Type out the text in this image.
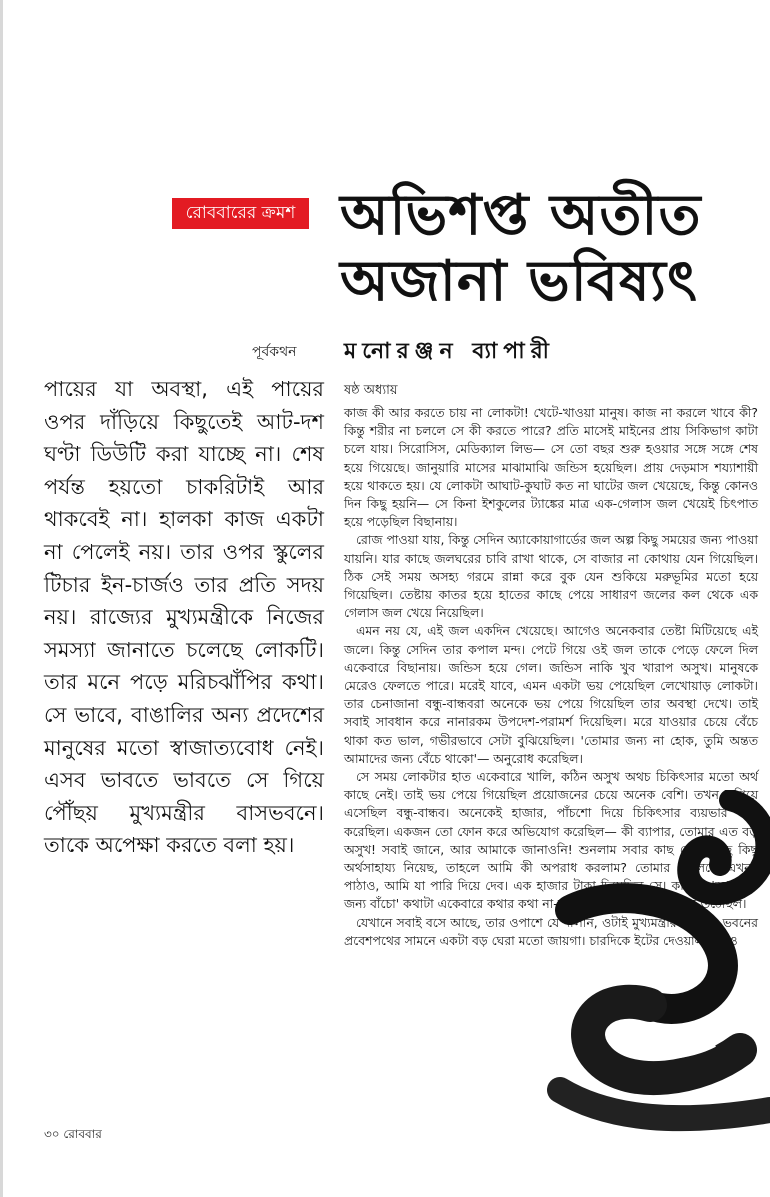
রোববারের ক্রমশ অভিশপ্ত অতীত
অজানা ভবিষ্যৎ
পূর্বকথন মনোরঞ্জন ব্যাপারী
পায়ের যা অবস্থা, এই পায়ের ওপর দাঁড়িয়ে কিছুতেই আট-দশ ঘণ্টা ডিউটি করা যাচ্ছে না। শেষ পর্যন্ত হয়তো চাকরিটাই আর থাকবেই না। হালকা কাজ একটা না পেলেই নয়। তার ওপর স্কুলের টিচার ইন-চার্জও তার প্রতি সদয় নয়। রাজ্যের মুখ্যমন্ত্রীকে নিজের সমস্যা জানাতে চলেছে লোকটি। তার মনে পড়ে মরিচঝাঁপির কথা। সে ভাবে, বাঙালির অন্য প্রদেশের মানুষের মতো স্বাজাত্যবোধ নেই। এসব ভাবতে ভাবতে সে গিয়ে পৌঁছয় মুখ্যমন্ত্রীর বাসভবনে। তাকে অপেক্ষা করতে বলা হয়।
ষষ্ঠ অধ্যায়

কাজ কী আর করতে চায় না লোকটা! খেটে-খাওয়া মানুষ। কাজ না করলে খাবে কী? কিন্তু শরীর না চললে সে কী করতে পারে? প্রতি মাসেই মাইনের প্রায় সিকিভাগ কাটা চলে যায়। সিরোসিস, মেডিক্যাল লিভ— সে তো বছর শুরু হওয়ার সঙ্গে সঙ্গে শেষ হয়ে গিয়েছে। জানুয়ারি মাসের মাঝামাঝি জন্ডিস হয়েছিল। প্রায় দেড়মাস শয্যাশায়ী হয়ে থাকতে হয়। যে লোকটা আঘাট-কুঘাট কত না ঘাটের জল খেয়েছে, কিন্তু কোনও দিন কিছু হয়নি— সে কিনা ইশকুলের ট্যাঙ্কের মাত্র এক-গেলাস জল খেয়েই চিৎপাত হয়ে পড়েছিল বিছানায়।

রোজ পাওয়া যায়, কিন্তু সেদিন অ্যাকোয়াগার্ডের জল অল্প কিছু সময়ের জন্য পাওয়া যায়নি। যার কাছে জলঘরের চাবি রাখা থাকে, সে বাজার না কোথায় যেন গিয়েছিল। ঠিক সেই সময় অসহ্য গরমে রান্না করে বুক যেন শুকিয়ে মরুভূমির মতো হয়ে গিয়েছিল। তেষ্টায় কাতর হয়ে হাতের কাছে পেয়ে সাধারণ জলের কল থেকে এক গেলাস জল খেয়ে নিয়েছিল।

এমন নয় যে, এই জল একদিন খেয়েছে। আগেও অনেকবার তেষ্টা মিটিয়েছে এই জলে। কিন্তু সেদিন তার কপাল মন্দ। পেটে গিয়ে ওই জল তাকে পেড়ে ফেলে দিল একেবারে বিছানায়। জন্ডিস হয়ে গেল। জন্ডিস নাকি খুব খারাপ অসুখ। মানুষকে মেরেও ফেলতে পারে। মরেই যাবে, এমন একটা ভয় পেয়েছিল লেখোয়াড় লোকটা। তার চেনাজানা বন্ধু-বান্ধবরা অনেকে ভয় পেয়ে গিয়েছিল তার অবস্থা দেখে। তাই সবাই সাবধান করে নানারকম উপদেশ-পরামর্শ দিয়েছিল। মরে যাওয়ার চেয়ে বেঁচে থাকা কত ভাল, গভীরভাবে সেটা বুঝিয়েছিল। 'তোমার জন্য না হোক, তুমি অন্তত আমাদের জন্য বেঁচে থাকো'— অনুরোধ করেছিল।

সে সময় লোকটার হাত একেবারে খালি, কঠিন অসুখ অথচ চিকিৎসার মতো অর্থ কাছে নেই। তাই ভয় পেয়ে গিয়েছিল প্রয়োজনের চেয়ে অনেক বেশি। তখন এগিয়ে এসেছিল বন্ধু-বান্ধব। অনেকেই হাজার, পাঁচশো দিয়ে চিকিৎসার ব্যয়ভার বহন করেছিল। একজন তো ফোন করে অভিযোগ করেছিল— কী ব্যাপার, তোমার এত বড় অসুখ! সবাই জানে, আর আমাকে জানাওনি! শুনলাম সবার কাছ থেকে কিছু কিছু অর্থসাহায্য নিয়েছ, তাহলে আমি কী অপরাধ করলাম? তোমার ছেলেকে এখনই পাঠাও, আমি যা পারি দিয়ে দেব। এক হাজার টাকা দিয়েছিল সে। কাজেই 'আমাদের জন্য বাঁচো' কথাটা একেবারে কথার কথা না-হয়ে কিছু সদিচ্ছার সাক্ষ্য হয়ে উঠেছিল।

যেখানে সবাই বসে আছে, তার ওপাশে যে দালান, ওটাই মুখ্যমন্ত্রীর আবাস। ভবনের প্রবেশপথের সামনে একটা বড় ঘেরা মতো জায়গা। চারদিকে ইটের দেওয়াল হলেও

৩০ রোববার
